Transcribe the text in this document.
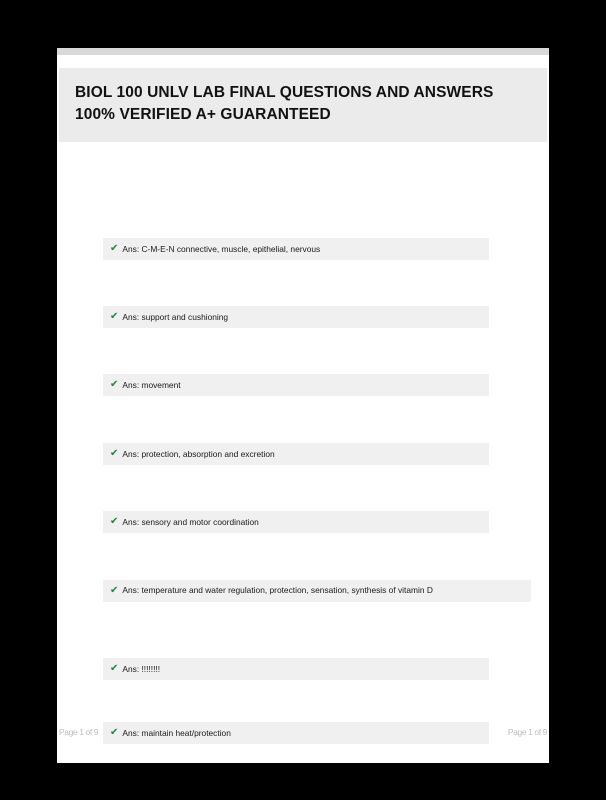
BIOL 100 UNLV LAB FINAL QUESTIONS AND ANSWERS 100% VERIFIED A+ GUARANTEED
✔ Ans: C-M-E-N connective, muscle, epithelial, nervous
✔ Ans: support and cushioning
✔ Ans: movement
✔ Ans: protection, absorption and excretion
✔ Ans: sensory and motor coordination
✔ Ans: temperature and water regulation, protection, sensation, synthesis of vitamin D
✔ Ans: !!!!!!!!
✔ Ans: maintain heat/protection
Page 1 of 9	Page 1 of 9
